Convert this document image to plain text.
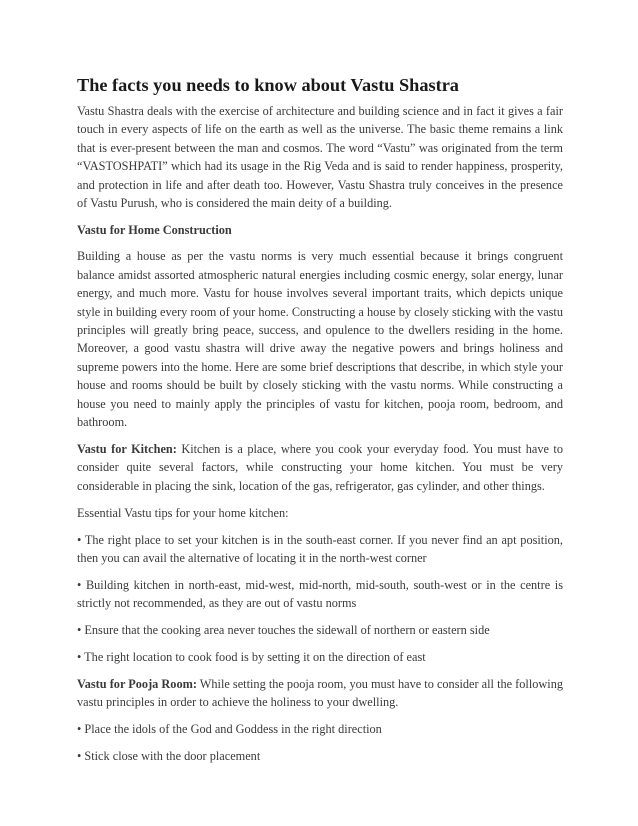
The facts you needs to know about Vastu Shastra

Vastu Shastra deals with the exercise of architecture and building science and in fact it gives a fair touch in every aspects of life on the earth as well as the universe. The basic theme remains a link that is ever-present between the man and cosmos. The word “Vastu” was originated from the term “VASTOSHPATI” which had its usage in the Rig Veda and is said to render happiness, prosperity, and protection in life and after death too. However, Vastu Shastra truly conceives in the presence of Vastu Purush, who is considered the main deity of a building.

Vastu for Home Construction

Building a house as per the vastu norms is very much essential because it brings congruent balance amidst assorted atmospheric natural energies including cosmic energy, solar energy, lunar energy, and much more. Vastu for house involves several important traits, which depicts unique style in building every room of your home. Constructing a house by closely sticking with the vastu principles will greatly bring peace, success, and opulence to the dwellers residing in the home. Moreover, a good vastu shastra will drive away the negative powers and brings holiness and supreme powers into the home. Here are some brief descriptions that describe, in which style your house and rooms should be built by closely sticking with the vastu norms. While constructing a house you need to mainly apply the principles of vastu for kitchen, pooja room, bedroom, and bathroom.

Vastu for Kitchen: Kitchen is a place, where you cook your everyday food. You must have to consider quite several factors, while constructing your home kitchen. You must be very considerable in placing the sink, location of the gas, refrigerator, gas cylinder, and other things.

Essential Vastu tips for your home kitchen:

• The right place to set your kitchen is in the south-east corner. If you never find an apt position, then you can avail the alternative of locating it in the north-west corner

• Building kitchen in north-east, mid-west, mid-north, mid-south, south-west or in the centre is strictly not recommended, as they are out of vastu norms

• Ensure that the cooking area never touches the sidewall of northern or eastern side

• The right location to cook food is by setting it on the direction of east

Vastu for Pooja Room: While setting the pooja room, you must have to consider all the following vastu principles in order to achieve the holiness to your dwelling.

• Place the idols of the God and Goddess in the right direction

• Stick close with the door placement
